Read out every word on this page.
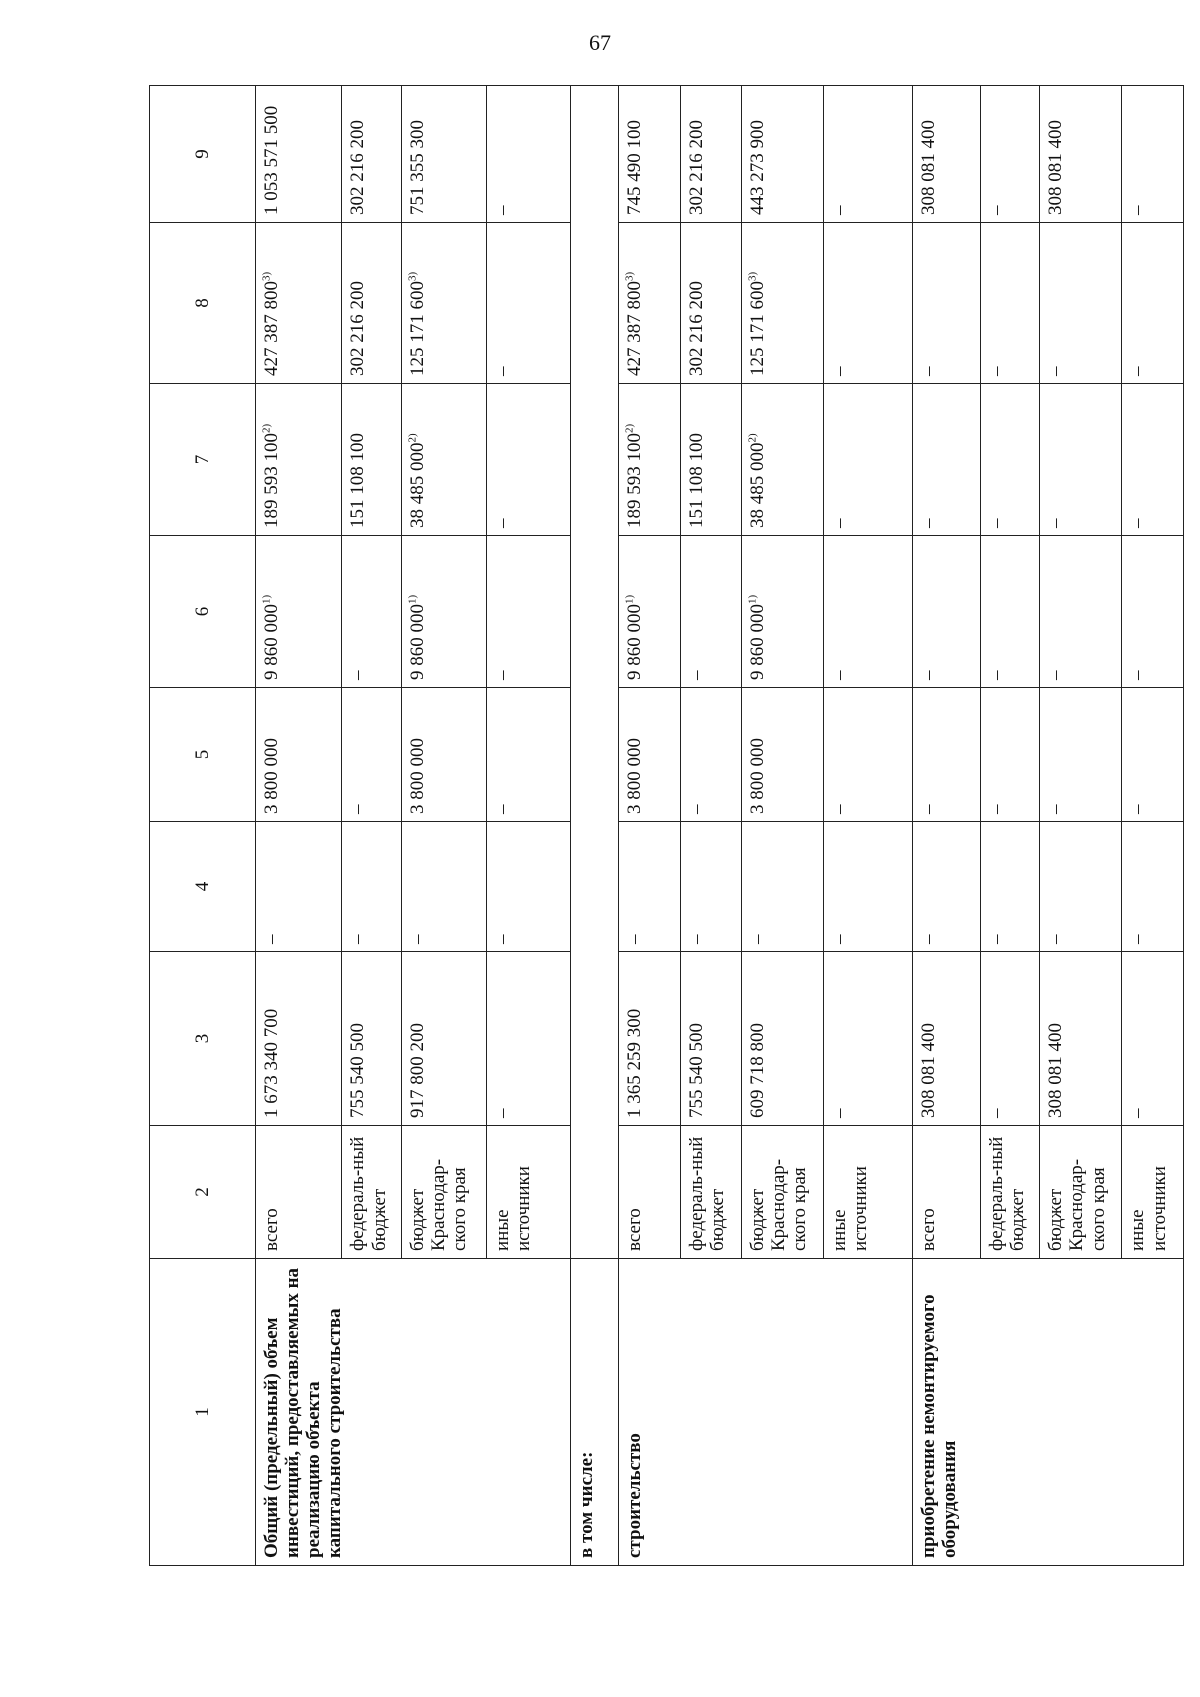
67
1	2	3	4	5	6	7	8	9
Общий (предельный) объем инвестиций, предоставляемых на реализацию объекта капитального строительства	всего	1 673 340 700	–	3 800 000	9 860 000$^{1)}$	189 593 100$^{2)}$	427 387 800$^{3)}$	1 053 571 500
	федераль-ный бюджет	755 540 500	–	–	–	151 108 100	302 216 200	302 216 200
	бюджет Краснодар-ского края	917 800 200	–	3 800 000	9 860 000$^{1)}$	38 485 000$^{2)}$	125 171 600$^{3)}$	751 355 300
	иные источники	–	–	–	–	–	–	–
в том числе:								
строительство	всего	1 365 259 300	–	3 800 000	9 860 000$^{1)}$	189 593 100$^{2)}$	427 387 800$^{3)}$	745 490 100
	федераль-ный бюджет	755 540 500	–	–	–	151 108 100	302 216 200	302 216 200
	бюджет Краснодар-ского края	609 718 800	–	3 800 000	9 860 000$^{1)}$	38 485 000$^{2)}$	125 171 600$^{3)}$	443 273 900
	иные источники	–	–	–	–	–	–	–
приобретение немонтируемого оборудования	всего	308 081 400	–	–	–	–	–	308 081 400
	федераль-ный бюджет	–	–	–	–	–	–	–
	бюджет Краснодар-ского края	308 081 400	–	–	–	–	–	308 081 400
	иные источники	–	–	–	–	–	–	–
